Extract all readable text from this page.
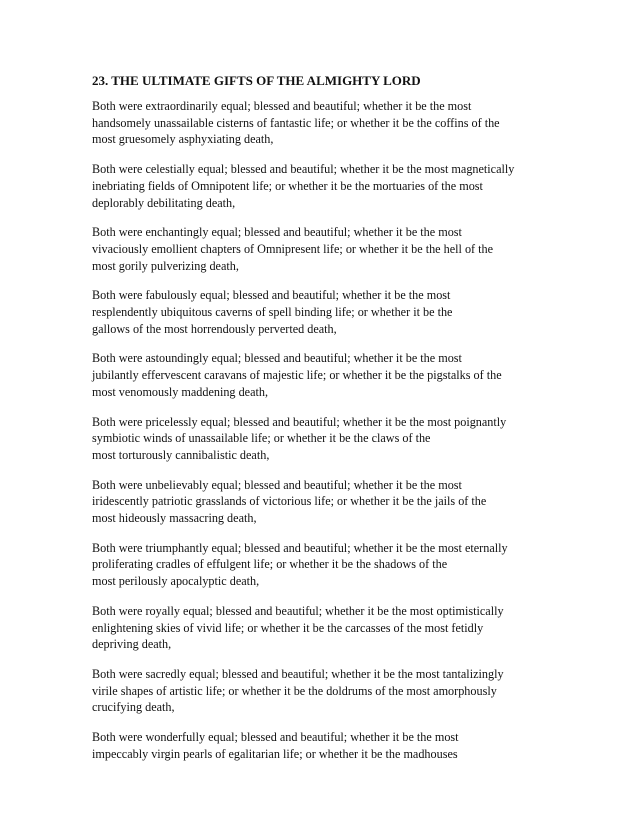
23. THE ULTIMATE GIFTS OF THE ALMIGHTY LORD
Both were extraordinarily equal; blessed and beautiful; whether it be the most
handsomely unassailable cisterns of fantastic life; or whether it be the coffins of the
most gruesomely asphyxiating death,
Both were celestially equal; blessed and beautiful; whether it be the most magnetically
inebriating fields of Omnipotent life; or whether it be the mortuaries of the most
deplorably debilitating death,
Both were enchantingly equal; blessed and beautiful; whether it be the most
vivaciously emollient chapters of Omnipresent life; or whether it be the hell of the
most gorily pulverizing death,
Both were fabulously equal; blessed and beautiful; whether it be the most
resplendently ubiquitous caverns of spell binding life; or whether it be the
gallows of the most horrendously perverted death,
Both were astoundingly equal; blessed and beautiful; whether it be the most
jubilantly effervescent caravans of majestic life; or whether it be the pigstalks of the
most venomously maddening death,
Both were pricelessly equal; blessed and beautiful; whether it be the most poignantly
symbiotic winds of unassailable life; or whether it be the claws of the
most torturously cannibalistic death,
Both were unbelievably equal; blessed and beautiful; whether it be the most
iridescently patriotic grasslands of victorious life; or whether it be the jails of the
most hideously massacring death,
Both were triumphantly equal; blessed and beautiful; whether it be the most eternally
proliferating cradles of effulgent life; or whether it be the shadows of the
most perilously apocalyptic death,
Both were royally equal; blessed and beautiful; whether it be the most optimistically
enlightening skies of vivid life; or whether it be the carcasses of the most fetidly
depriving death,
Both were sacredly equal; blessed and beautiful; whether it be the most tantalizingly
virile shapes of artistic life; or whether it be the doldrums of the most amorphously
crucifying death,
Both were wonderfully equal; blessed and beautiful; whether it be the most
impeccably virgin pearls of egalitarian life; or whether it be the madhouses
